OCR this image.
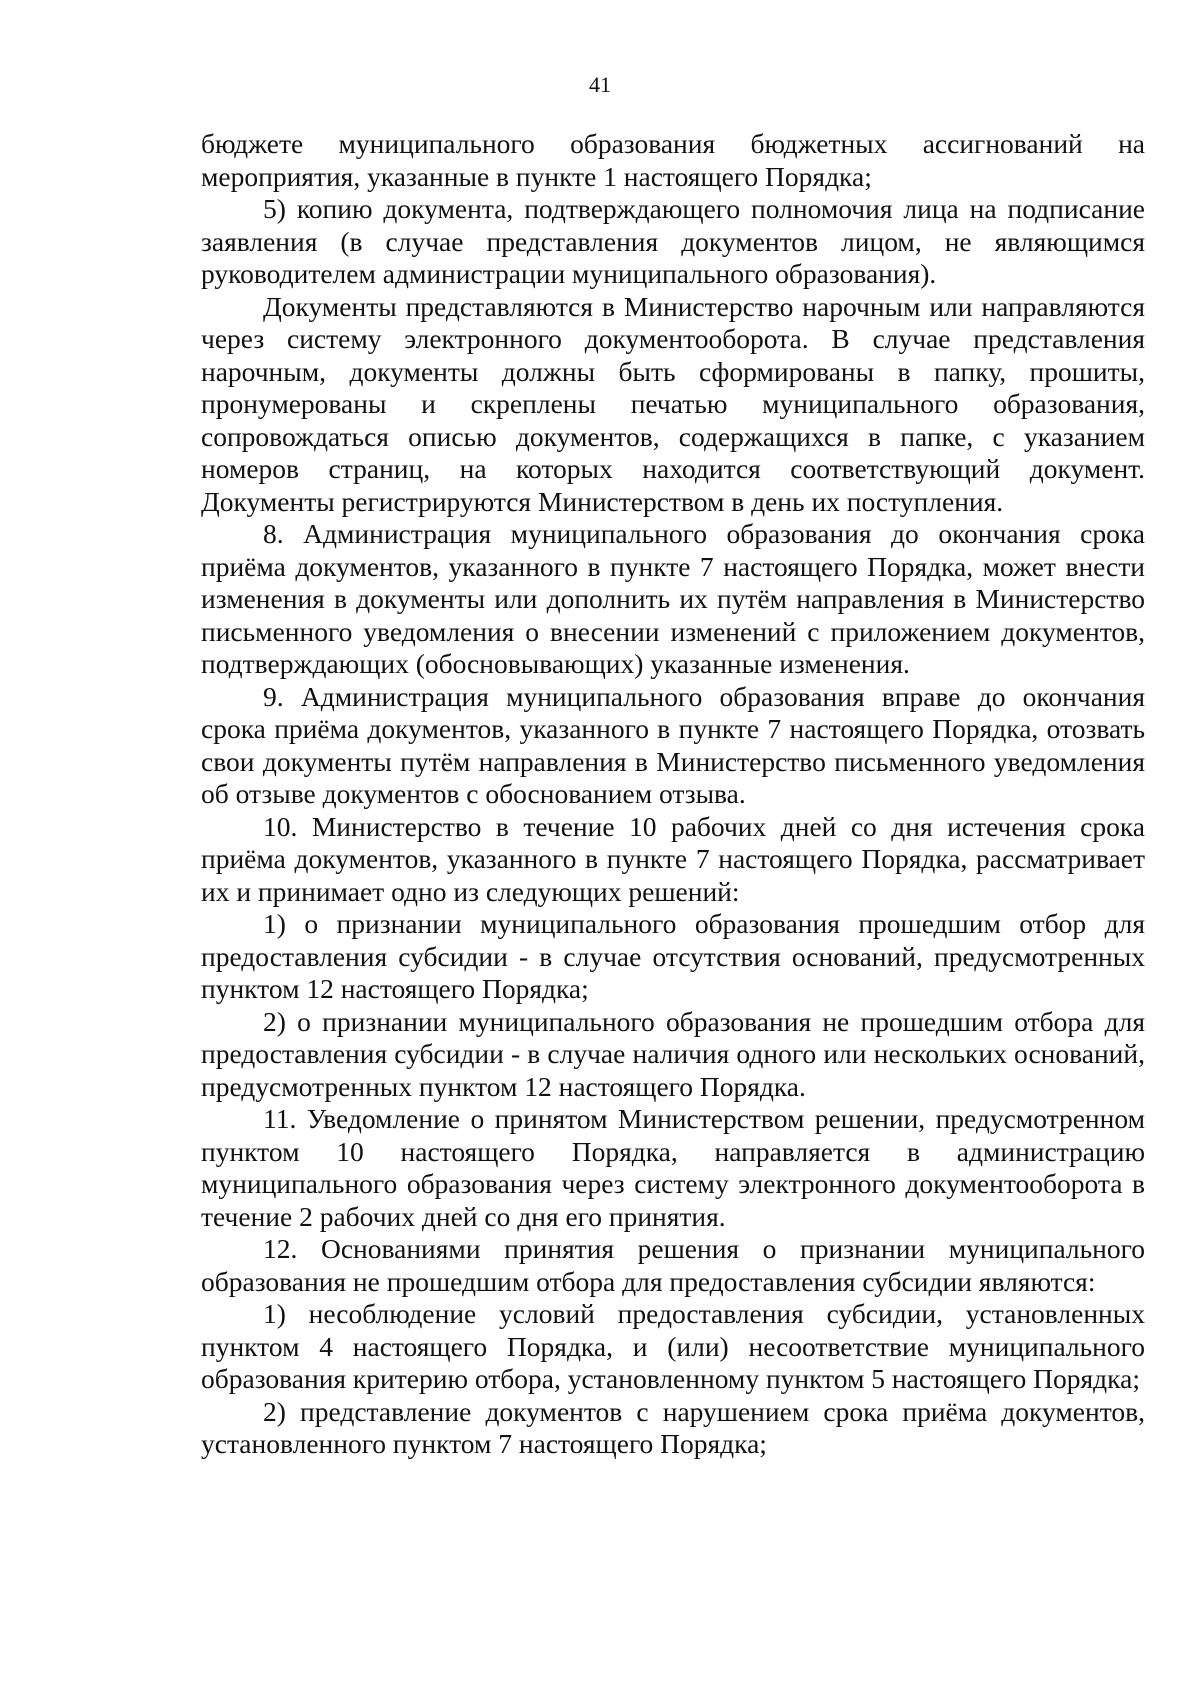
41

бюджете муниципального образования бюджетных ассигнований на мероприятия, указанные в пункте 1 настоящего Порядка;

5) копию документа, подтверждающего полномочия лица на подписание заявления (в случае представления документов лицом, не являющимся руководителем администрации муниципального образования).

Документы представляются в Министерство нарочным или направляются через систему электронного документооборота. В случае представления нарочным, документы должны быть сформированы в папку, прошиты, пронумерованы и скреплены печатью муниципального образования, сопровождаться описью документов, содержащихся в папке, с указанием номеров страниц, на которых находится соответствующий документ. Документы регистрируются Министерством в день их поступления.

8. Администрация муниципального образования до окончания срока приёма документов, указанного в пункте 7 настоящего Порядка, может внести изменения в документы или дополнить их путём направления в Министерство письменного уведомления о внесении изменений с приложением документов, подтверждающих (обосновывающих) указанные изменения.

9. Администрация муниципального образования вправе до окончания срока приёма документов, указанного в пункте 7 настоящего Порядка, отозвать свои документы путём направления в Министерство письменного уведомления об отзыве документов с обоснованием отзыва.

10. Министерство в течение 10 рабочих дней со дня истечения срока приёма документов, указанного в пункте 7 настоящего Порядка, рассматривает их и принимает одно из следующих решений:

1) о признании муниципального образования прошедшим отбор для предоставления субсидии - в случае отсутствия оснований, предусмотренных пунктом 12 настоящего Порядка;

2) о признании муниципального образования не прошедшим отбора для предоставления субсидии - в случае наличия одного или нескольких оснований, предусмотренных пунктом 12 настоящего Порядка.

11. Уведомление о принятом Министерством решении, предусмотренном пунктом 10 настоящего Порядка, направляется в администрацию муниципального образования через систему электронного документооборота в течение 2 рабочих дней со дня его принятия.

12. Основаниями принятия решения о признании муниципального образования не прошедшим отбора для предоставления субсидии являются:

1) несоблюдение условий предоставления субсидии, установленных пунктом 4 настоящего Порядка, и (или) несоответствие муниципального образования критерию отбора, установленному пунктом 5 настоящего Порядка;

2) представление документов с нарушением срока приёма документов, установленного пунктом 7 настоящего Порядка;
